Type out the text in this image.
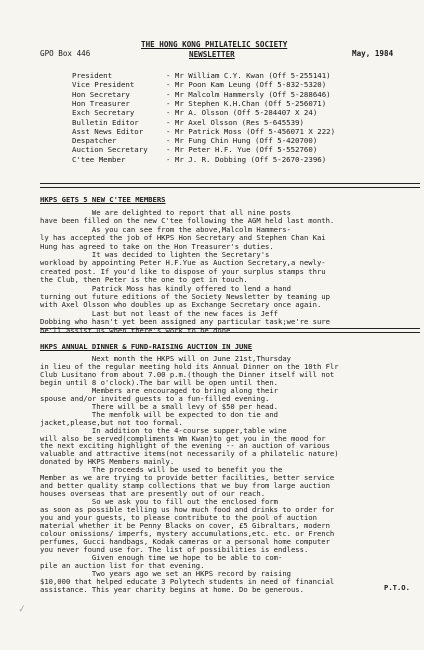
THE HONG KONG PHILATELIC SOCIETY
GPO Box 446	NEWSLETTER	May, 1984
President	- Mr William C.Y. Kwan (Off 5-255141)
Vice President	- Mr Poon Kam Leung (Off 5-832-5320)
Hon Secretary	- Mr Malcolm Hammersly (Off 5-288646)
Hon Treasurer	- Mr Stephen K.H.Chan (Off 5-256071)
Exch Secretary	- Mr A. Olsson (Off 5-284407 X 24)
Bulletin Editor	- Mr Axel Olsson (Res 5-645539)
Asst News Editor	- Mr Patrick Moss (Off 5-456071 X 222)
Despatcher	- Mr Fung Chin Hung (Off 5-420700)
Auction Secretary - Mr Peter H.F. Yue (Off 5-552760)
C'tee Member	- Mr J. R. Dobbing (Off 5-2670-2396)
HKPS GETS 5 NEW C'TEE MEMBERS
We are delighted to report that all nine posts
have been filled on the new C'tee following the AGM held last month.
As you can see from the above,Malcolm Hammers-
ly has accepted the job of HKPS Hon Secretary and Stephen Chan Kai
Hung has agreed to take on the Hon Treasurer's duties.
It was decided to lighten the Secretary's
workload by appointing Peter H.F.Yue as Auction Secretary,a newly-
created post. If you'd like to dispose of your surplus stamps thru
the Club, then Peter is the one to get in touch.
Patrick Moss has kindly offered to lend a hand
turning out future editions of the Society Newsletter by teaming up
with Axel Olsson who doubles up as Exchange Secretary once again.
Last but not least of the new faces is Jeff
Dobbing who hasn't yet been assigned any particular task;we're sure
he'll assist us when there's work to be done.
HKPS ANNUAL DINNER & FUND-RAISING AUCTION IN JUNE
Next month the HKPS will on June 21st,Thursday
in lieu of the regular meeting hold its Annual Dinner on the 10th Flr
Club Lusitano from about 7.00 p.m.(though the Dinner itself will not
begin until 8 o'clock).The bar will be open until then.
Members are encouraged to bring along their
spouse and/or invited guests to a fun-filled evening.
There will be a small levy of $50 per head.
The menfolk will be expected to don tie and
jacket,please,but not too formal.
In addition to the 4-course supper,table wine
will also be served(compliments Wm Kwan)to get you in the mood for
the next exciting highlight of the evening -- an auction of various
valuable and attractive items(not necessarily of a philatelic nature)
donated by HKPS Members mainly.
The proceeds will be used to benefit you the
Member as we are trying to provide better facilities, better service
and better quality stamp collections that we buy from large auction
houses overseas that are presently out of our reach.
So we ask you to fill out the enclosed form
as soon as possible telling us how much food and drinks to order for
you and your guests, to please contribute to the pool of auction
material whether it be Penny Blacks on cover, £5 Gibraltars, modern
colour omissions/ imperfs, mystery accumulations,etc. etc. or French
perfumes, Gucci handbags, Kodak cameras or a personal home computer
you never found use for. The list of possibilities is endless.
Given enough time we hope to be able to com-
pile an auction list for that evening.
Two years ago we set an HKPS record by raising
$10,000 that helped educate 3 Polytech students in need of financial
assistance. This year charity begins at home. Do be generous.	P.T.O.
✓
